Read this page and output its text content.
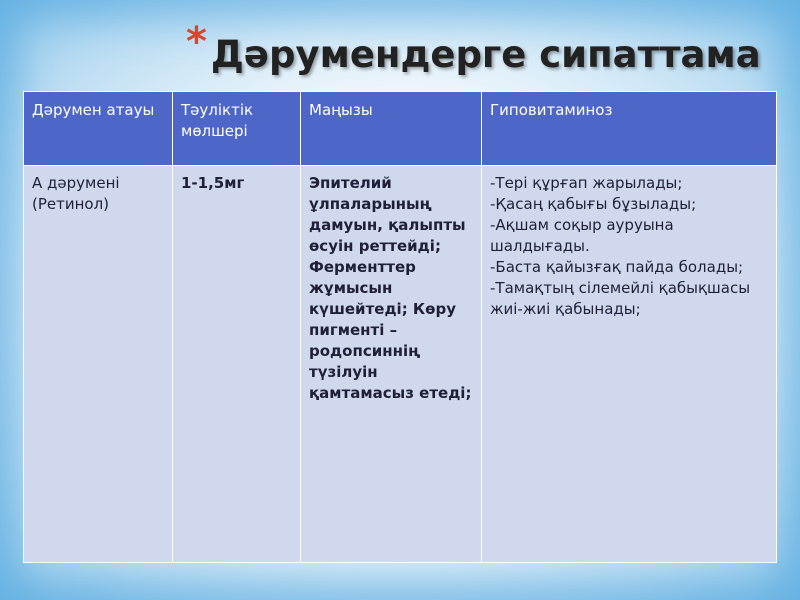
* Дәрумендерге сипаттама
Дәрумен атауы	Тәуліктік мөлшері	Маңызы	Гиповитаминоз
А дәрумені (Ретинол)	1-1,5мг	Эпителий ұлпаларының дамуын, қалыпты өсуін реттейді; Ферменттер жұмысын күшейтеді; Көру пигменті – родопсиннің түзілуін қамтамасыз етеді;	-Тері құрғап жарылады;
-Қасаң қабығы бұзылады;
-Ақшам соқыр ауруына шалдығады.
-Баста қайызғақ пайда болады;
-Тамақтың сілемейлі қабықшасы жиі-жиі қабынады;
